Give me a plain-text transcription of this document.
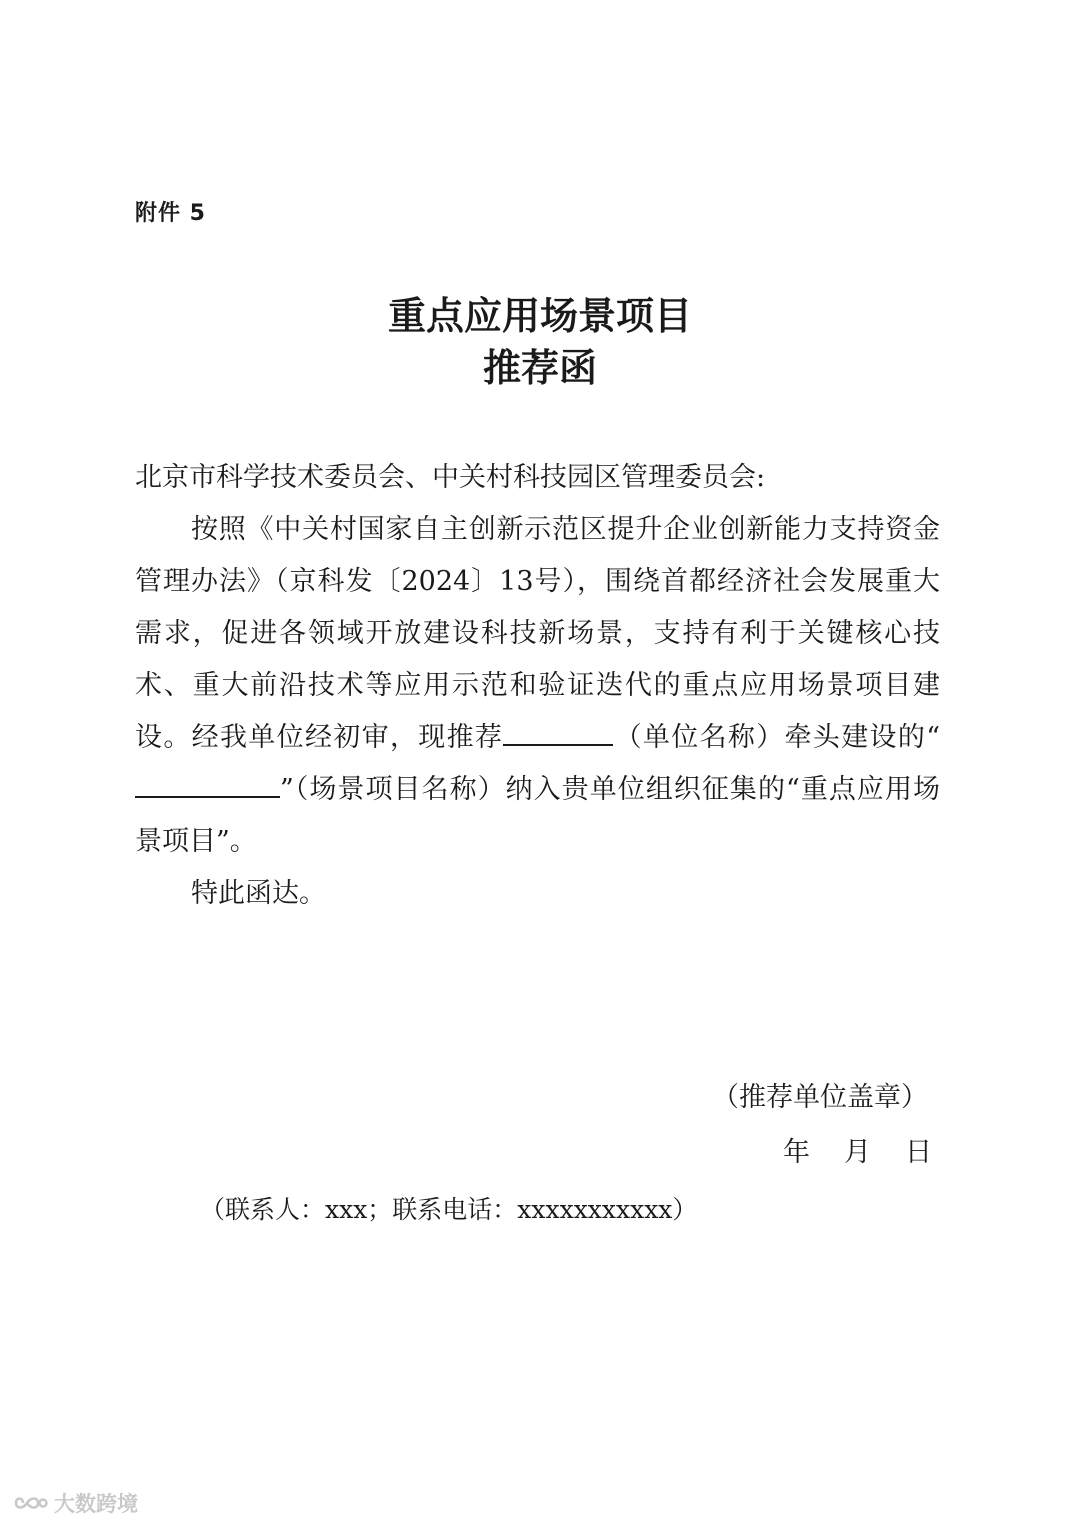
附件 5
重点应用场景项目
推荐函

北京市科学技术委员会、中关村科技园区管理委员会:

按照《中关村国家自主创新示范区提升企业创新能力支持资金管理办法》（京科发〔2024〕13号），围绕首都经济社会发展重大需求，促进各领域开放建设科技新场景，支持有利于关键核心技术、重大前沿技术等应用示范和验证迭代的重点应用场景项目建设。经我单位经初审，现推荐	（单位名称）牵头建设的“”（场景项目名称）纳入贵单位组织征集的“重点应用场景项目”。

特此函达。

（推荐单位盖章）
年 月 日
（联系人：xxx；联系电话：xxxxxxxxxxx）
大数跨境
